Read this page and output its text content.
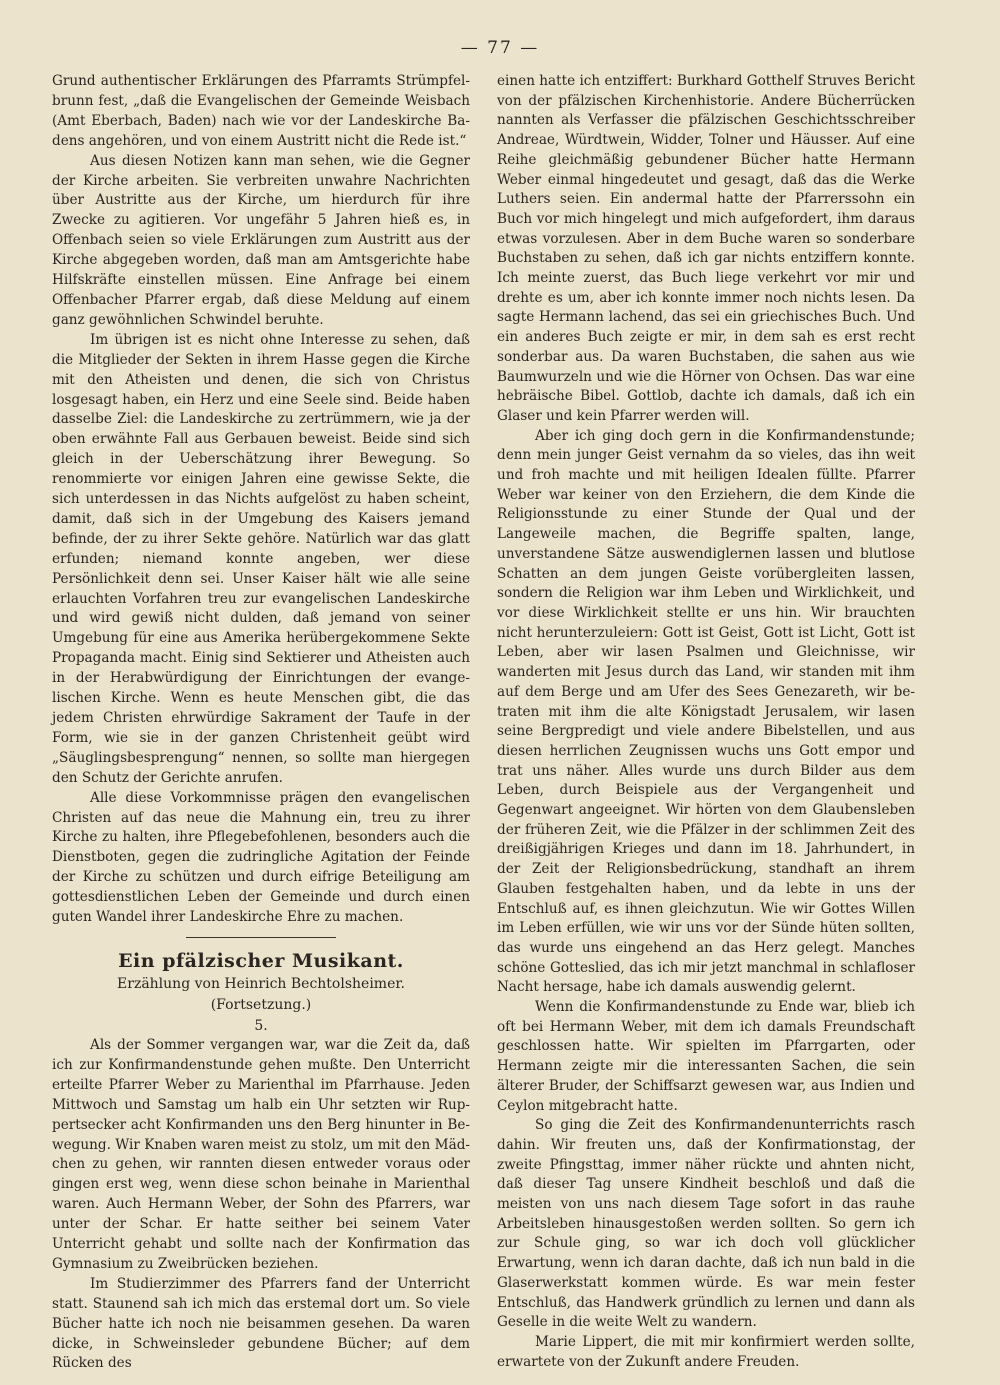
— 77 —

Grund authentischer Erklärungen des Pfarramts Strümpfelbrunn fest, „daß die Evangelischen der Gemeinde Weisbach (Amt Eberbach, Baden) nach wie vor der Landeskirche Badens angehören, und von einem Austritt nicht die Rede ist.“

Aus diesen Notizen kann man sehen, wie die Gegner der Kirche arbeiten. Sie verbreiten unwahre Nachrichten über Austritte aus der Kirche, um hierdurch für ihre Zwecke zu agitieren. Vor ungefähr 5 Jahren hieß es, in Offenbach seien so viele Erklärungen zum Austritt aus der Kirche abgegeben worden, daß man am Amtsgerichte habe Hilfskräfte einstellen müssen. Eine Anfrage bei einem Offenbacher Pfarrer ergab, daß diese Meldung auf einem ganz gewöhnlichen Schwindel beruhte.

Im übrigen ist es nicht ohne Interesse zu sehen, daß die Mitglieder der Sekten in ihrem Hasse gegen die Kirche mit den Atheisten und denen, die sich von Christus losgesagt haben, ein Herz und eine Seele sind. Beide haben dasselbe Ziel: die Landeskirche zu zertrümmern, wie ja der oben erwähnte Fall aus Gerbauen beweist. Beide sind sich gleich in der Ueberschätzung ihrer Bewegung. So renommierte vor einigen Jahren eine gewisse Sekte, die sich unterdessen in das Nichts aufgelöst zu haben scheint, damit, daß sich in der Umgebung des Kaisers jemand befinde, der zu ihrer Sekte gehöre. Natürlich war das glatt erfunden; niemand konnte angeben, wer diese Persönlichkeit denn sei. Unser Kaiser hält wie alle seine erlauchten Vorfahren treu zur evangelischen Landeskirche und wird gewiß nicht dulden, daß jemand von seiner Umgebung für eine aus Amerika herübergekommene Sekte Propaganda macht. Einig sind Sektierer und Atheisten auch in der Herabwürdigung der Einrichtungen der evangelischen Kirche. Wenn es heute Menschen gibt, die das jedem Christen ehrwürdige Sakrament der Taufe in der Form, wie sie in der ganzen Christenheit geübt wird „Säuglingsbesprengung“ nennen, so sollte man hiergegen den Schutz der Gerichte anrufen.

Alle diese Vorkommnisse prägen den evangelischen Christen auf das neue die Mahnung ein, treu zu ihrer Kirche zu halten, ihre Pflegebefohlenen, besonders auch die Dienstboten, gegen die zudringliche Agitation der Feinde der Kirche zu schützen und durch eifrige Beteiligung am gottesdienstlichen Leben der Gemeinde und durch einen guten Wandel ihrer Landeskirche Ehre zu machen.

Ein pfälzischer Musikant.
Erzählung von Heinrich Bechtolsheimer.
(Fortsetzung.)
5.

Als der Sommer vergangen war, war die Zeit da, daß ich zur Konfirmandenstunde gehen mußte. Den Unterricht erteilte Pfarrer Weber zu Marienthal im Pfarrhause. Jeden Mittwoch und Samstag um halb ein Uhr setzten wir Ruppertsecker acht Konfirmanden uns den Berg hinunter in Bewegung. Wir Knaben waren meist zu stolz, um mit den Mädchen zu gehen, wir rannten diesen entweder voraus oder gingen erst weg, wenn diese schon beinahe in Marienthal waren. Auch Hermann Weber, der Sohn des Pfarrers, war unter der Schar. Er hatte seither bei seinem Vater Unterricht gehabt und sollte nach der Konfirmation das Gymnasium zu Zweibrücken beziehen.

Im Studierzimmer des Pfarrers fand der Unterricht statt. Staunend sah ich mich das erstemal dort um. So viele Bücher hatte ich noch nie beisammen gesehen. Da waren dicke, in Schweinsleder gebundene Bücher; auf dem Rücken des

einen hatte ich entziffert: Burkhard Gotthelf Struves Bericht von der pfälzischen Kirchenhistorie. Andere Bücherrücken nannten als Verfasser die pfälzischen Geschichtsschreiber Andreae, Würdtwein, Widder, Tolner und Häusser. Auf eine Reihe gleichmäßig gebundener Bücher hatte Hermann Weber einmal hingedeutet und gesagt, daß das die Werke Luthers seien. Ein andermal hatte der Pfarrerssohn ein Buch vor mich hingelegt und mich aufgefordert, ihm daraus etwas vorzulesen. Aber in dem Buche waren so sonderbare Buchstaben zu sehen, daß ich gar nichts entziffern konnte. Ich meinte zuerst, das Buch liege verkehrt vor mir und drehte es um, aber ich konnte immer noch nichts lesen. Da sagte Hermann lachend, das sei ein griechisches Buch. Und ein anderes Buch zeigte er mir, in dem sah es erst recht sonderbar aus. Da waren Buchstaben, die sahen aus wie Baumwurzeln und wie die Hörner von Ochsen. Das war eine hebräische Bibel. Gottlob, dachte ich damals, daß ich ein Glaser und kein Pfarrer werden will.

Aber ich ging doch gern in die Konfirmandenstunde; denn mein junger Geist vernahm da so vieles, das ihn weit und froh machte und mit heiligen Idealen füllte. Pfarrer Weber war keiner von den Erziehern, die dem Kinde die Religionsstunde zu einer Stunde der Qual und der Langeweile machen, die Begriffe spalten, lange, unverstandene Sätze auswendiglernen lassen und blutlose Schatten an dem jungen Geiste vorübergleiten lassen, sondern die Religion war ihm Leben und Wirklichkeit, und vor diese Wirklichkeit stellte er uns hin. Wir brauchten nicht herunterzuleiern: Gott ist Geist, Gott ist Licht, Gott ist Leben, aber wir lasen Psalmen und Gleichnisse, wir wanderten mit Jesus durch das Land, wir standen mit ihm auf dem Berge und am Ufer des Sees Genezareth, wir betraten mit ihm die alte Königstadt Jerusalem, wir lasen seine Bergpredigt und viele andere Bibelstellen, und aus diesen herrlichen Zeugnissen wuchs uns Gott empor und trat uns näher. Alles wurde uns durch Bilder aus dem Leben, durch Beispiele aus der Vergangenheit und Gegenwart angeeignet. Wir hörten von dem Glaubensleben der früheren Zeit, wie die Pfälzer in der schlimmen Zeit des dreißigjährigen Krieges und dann im 18. Jahrhundert, in der Zeit der Religionsbedrückung, standhaft an ihrem Glauben festgehalten haben, und da lebte in uns der Entschluß auf, es ihnen gleichzutun. Wie wir Gottes Willen im Leben erfüllen, wie wir uns vor der Sünde hüten sollten, das wurde uns eingehend an das Herz gelegt. Manches schöne Gotteslied, das ich mir jetzt manchmal in schlafloser Nacht hersage, habe ich damals auswendig gelernt.

Wenn die Konfirmandenstunde zu Ende war, blieb ich oft bei Hermann Weber, mit dem ich damals Freundschaft geschlossen hatte. Wir spielten im Pfarrgarten, oder Hermann zeigte mir die interessanten Sachen, die sein älterer Bruder, der Schiffsarzt gewesen war, aus Indien und Ceylon mitgebracht hatte.

So ging die Zeit des Konfirmandenunterrichts rasch dahin. Wir freuten uns, daß der Konfirmationstag, der zweite Pfingsttag, immer näher rückte und ahnten nicht, daß dieser Tag unsere Kindheit beschloß und daß die meisten von uns nach diesem Tage sofort in das rauhe Arbeitsleben hinausgestoßen werden sollten. So gern ich zur Schule ging, so war ich doch voll glücklicher Erwartung, wenn ich daran dachte, daß ich nun bald in die Glaserwerkstatt kommen würde. Es war mein fester Entschluß, das Handwerk gründlich zu lernen und dann als Geselle in die weite Welt zu wandern.

Marie Lippert, die mit mir konfirmiert werden sollte, erwartete von der Zukunft andere Freuden.
